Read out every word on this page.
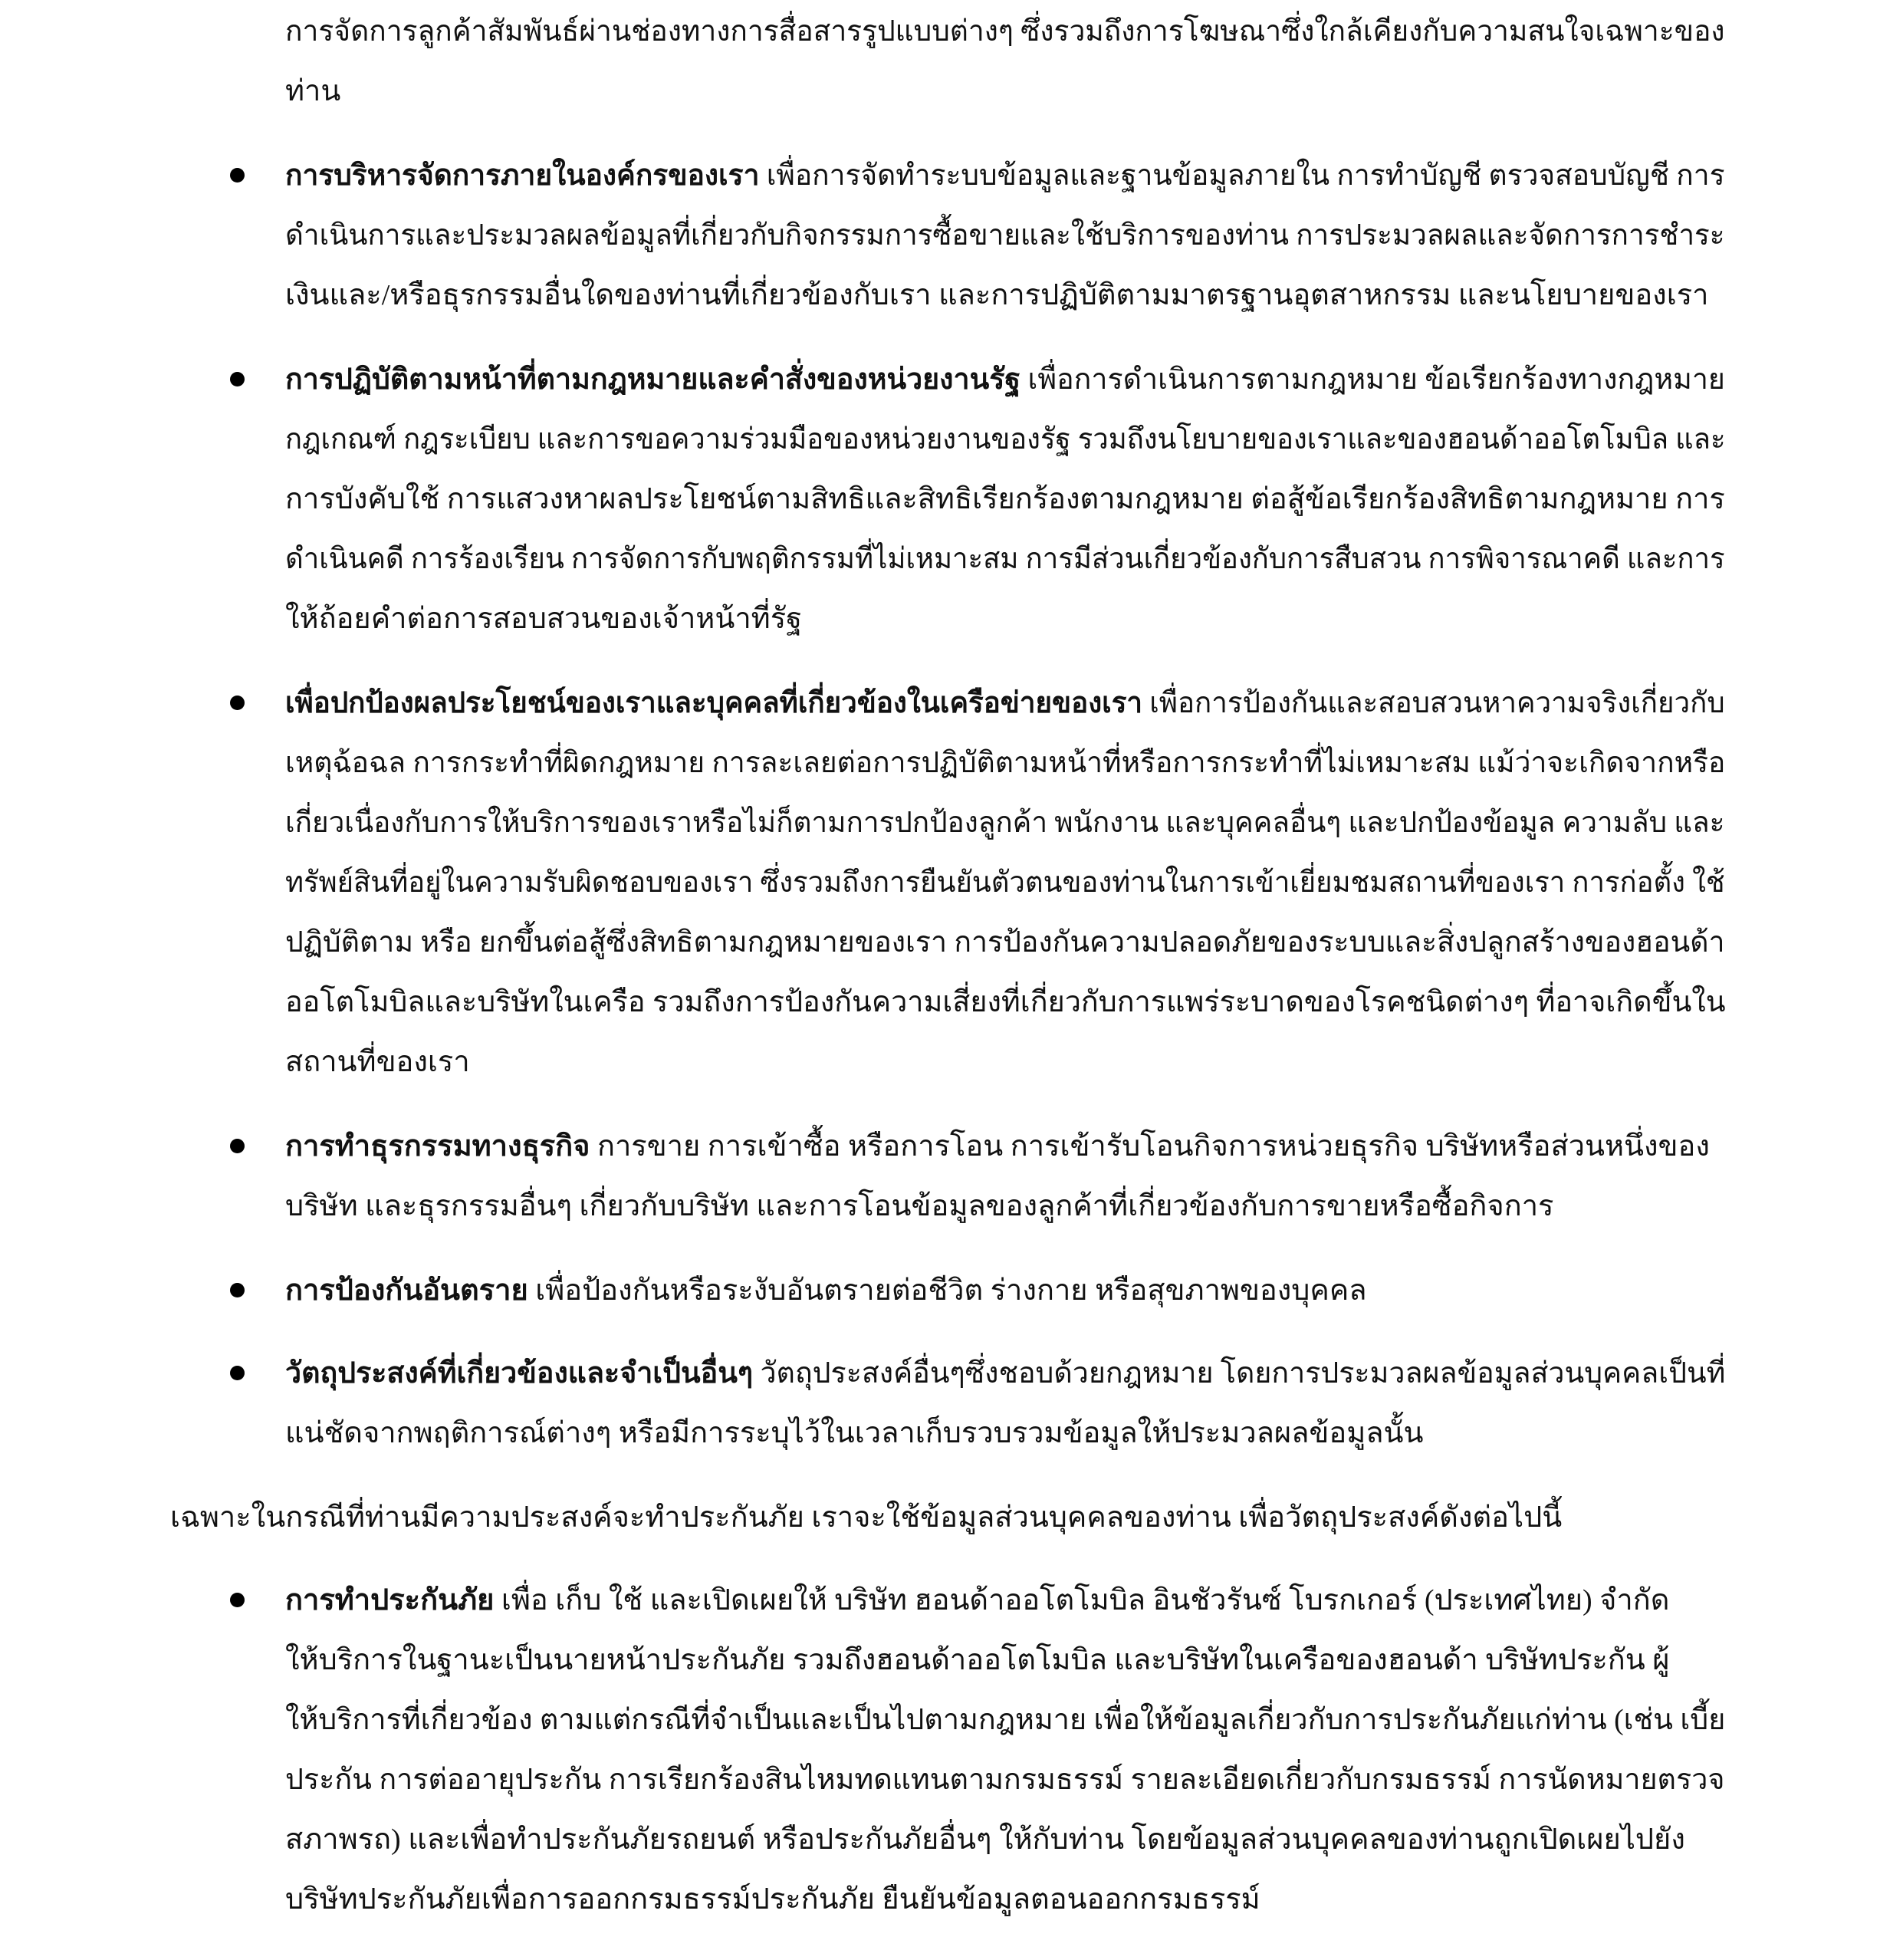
การจัดการลูกค้าสัมพันธ์ผ่านช่องทางการสื่อสารรูปแบบต่างๆ ซึ่งรวมถึงการโฆษณาซึ่งใกล้เคียงกับความสนใจเฉพาะของ
ท่าน
การบริหารจัดการภายในองค์กรของเรา เพื่อการจัดทำระบบข้อมูลและฐานข้อมูลภายใน การทำบัญชี ตรวจสอบบัญชี การ
ดำเนินการและประมวลผลข้อมูลที่เกี่ยวกับกิจกรรมการซื้อขายและใช้บริการของท่าน การประมวลผลและจัดการการชำระ
เงินและ/หรือธุรกรรมอื่นใดของท่านที่เกี่ยวข้องกับเรา และการปฏิบัติตามมาตรฐานอุตสาหกรรม และนโยบายของเรา
การปฏิบัติตามหน้าที่ตามกฎหมายและคำสั่งของหน่วยงานรัฐ เพื่อการดำเนินการตามกฎหมาย ข้อเรียกร้องทางกฎหมาย
กฎเกณฑ์ กฎระเบียบ และการขอความร่วมมือของหน่วยงานของรัฐ รวมถึงนโยบายของเราและของฮอนด้าออโตโมบิล และ
การบังคับใช้ การแสวงหาผลประโยชน์ตามสิทธิและสิทธิเรียกร้องตามกฎหมาย ต่อสู้ข้อเรียกร้องสิทธิตามกฎหมาย การ
ดำเนินคดี การร้องเรียน การจัดการกับพฤติกรรมที่ไม่เหมาะสม การมีส่วนเกี่ยวข้องกับการสืบสวน การพิจารณาคดี และการ
ให้ถ้อยคำต่อการสอบสวนของเจ้าหน้าที่รัฐ
เพื่อปกป้องผลประโยชน์ของเราและบุคคลที่เกี่ยวข้องในเครือข่ายของเรา เพื่อการป้องกันและสอบสวนหาความจริงเกี่ยวกับ
เหตุฉ้อฉล การกระทำที่ผิดกฎหมาย การละเลยต่อการปฏิบัติตามหน้าที่หรือการกระทำที่ไม่เหมาะสม แม้ว่าจะเกิดจากหรือ
เกี่ยวเนื่องกับการให้บริการของเราหรือไม่ก็ตามการปกป้องลูกค้า พนักงาน และบุคคลอื่นๆ และปกป้องข้อมูล ความลับ และ
ทรัพย์สินที่อยู่ในความรับผิดชอบของเรา ซึ่งรวมถึงการยืนยันตัวตนของท่านในการเข้าเยี่ยมชมสถานที่ของเรา การก่อตั้ง ใช้
ปฏิบัติตาม หรือ ยกขึ้นต่อสู้ซึ่งสิทธิตามกฎหมายของเรา การป้องกันความปลอดภัยของระบบและสิ่งปลูกสร้างของฮอนด้า
ออโตโมบิลและบริษัทในเครือ รวมถึงการป้องกันความเสี่ยงที่เกี่ยวกับการแพร่ระบาดของโรคชนิดต่างๆ ที่อาจเกิดขึ้นใน
สถานที่ของเรา
การทำธุรกรรมทางธุรกิจ การขาย การเข้าซื้อ หรือการโอน การเข้ารับโอนกิจการหน่วยธุรกิจ บริษัทหรือส่วนหนึ่งของ
บริษัท และธุรกรรมอื่นๆ เกี่ยวกับบริษัท และการโอนข้อมูลของลูกค้าที่เกี่ยวข้องกับการขายหรือซื้อกิจการ
การป้องกันอันตราย เพื่อป้องกันหรือระงับอันตรายต่อชีวิต ร่างกาย หรือสุขภาพของบุคคล
วัตถุประสงค์ที่เกี่ยวข้องและจำเป็นอื่นๆ วัตถุประสงค์อื่นๆซึ่งชอบด้วยกฎหมาย โดยการประมวลผลข้อมูลส่วนบุคคลเป็นที่
แน่ชัดจากพฤติการณ์ต่างๆ หรือมีการระบุไว้ในเวลาเก็บรวบรวมข้อมูลให้ประมวลผลข้อมูลนั้น
เฉพาะในกรณีที่ท่านมีความประสงค์จะทำประกันภัย เราจะใช้ข้อมูลส่วนบุคคลของท่าน เพื่อวัตถุประสงค์ดังต่อไปนี้
การทำประกันภัย เพื่อ เก็บ ใช้ และเปิดเผยให้ บริษัท ฮอนด้าออโตโมบิล อินชัวรันซ์ โบรกเกอร์ (ประเทศไทย) จำกัด
ให้บริการในฐานะเป็นนายหน้าประกันภัย รวมถึงฮอนด้าออโตโมบิล และบริษัทในเครือของฮอนด้า บริษัทประกัน ผู้
ให้บริการที่เกี่ยวข้อง ตามแต่กรณีที่จำเป็นและเป็นไปตามกฎหมาย เพื่อให้ข้อมูลเกี่ยวกับการประกันภัยแก่ท่าน (เช่น เบี้ย
ประกัน การต่ออายุประกัน การเรียกร้องสินไหมทดแทนตามกรมธรรม์ รายละเอียดเกี่ยวกับกรมธรรม์ การนัดหมายตรวจ
สภาพรถ) และเพื่อทำประกันภัยรถยนต์ หรือประกันภัยอื่นๆ ให้กับท่าน โดยข้อมูลส่วนบุคคลของท่านถูกเปิดเผยไปยัง
บริษัทประกันภัยเพื่อการออกกรมธรรม์ประกันภัย ยืนยันข้อมูลตอนออกกรมธรรม์
